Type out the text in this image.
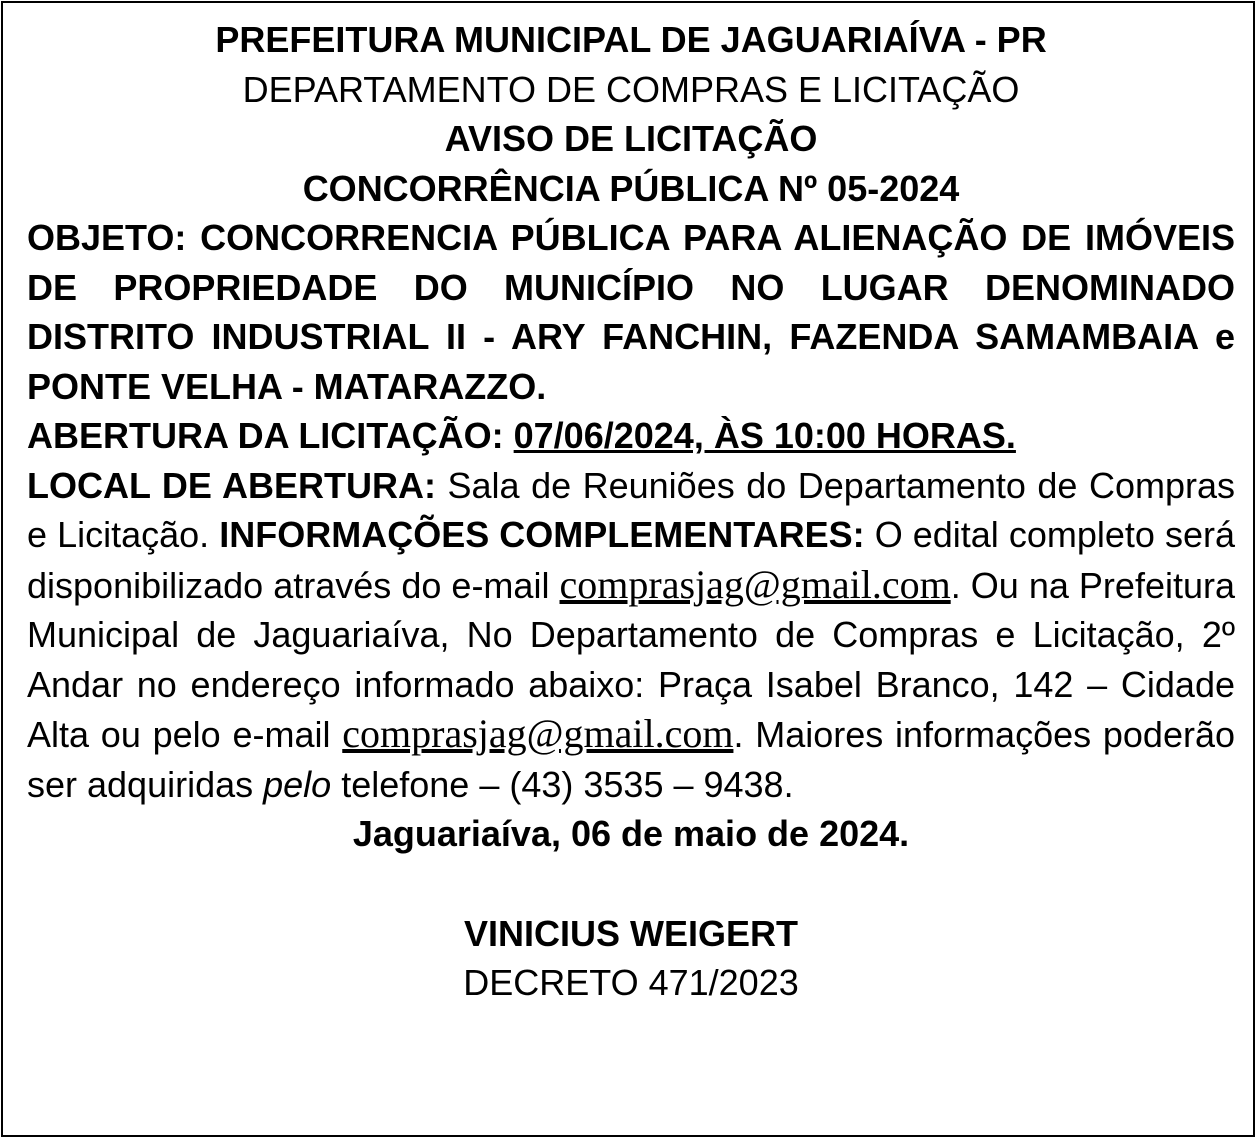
PREFEITURA MUNICIPAL DE JAGUARIAÍVA - PR

DEPARTAMENTO DE COMPRAS E LICITAÇÃO

AVISO DE LICITAÇÃO

CONCORRÊNCIA PÚBLICA Nº 05-2024

OBJETO: CONCORRENCIA PÚBLICA PARA ALIENAÇÃO DE IMÓVEIS DE PROPRIEDADE DO MUNICÍPIO NO LUGAR DENOMINADO DISTRITO INDUSTRIAL II - ARY FANCHIN, FAZENDA SAMAMBAIA e PONTE VELHA - MATARAZZO.

ABERTURA DA LICITAÇÃO: 07/06/2024, ÀS 10:00 HORAS.

LOCAL DE ABERTURA: Sala de Reuniões do Departamento de Compras e Licitação. INFORMAÇÕES COMPLEMENTARES: O edital completo será disponibilizado através do e-mail comprasjag@gmail.com. Ou na Prefeitura Municipal de Jaguariaíva, No Departamento de Compras e Licitação, 2º Andar no endereço informado abaixo: Praça Isabel Branco, 142 – Cidade Alta ou pelo e-mail comprasjag@gmail.com. Maiores informações poderão ser adquiridas pelo telefone – (43) 3535 – 9438.

Jaguariaíva, 06 de maio de 2024.

VINICIUS WEIGERT

DECRETO 471/2023
